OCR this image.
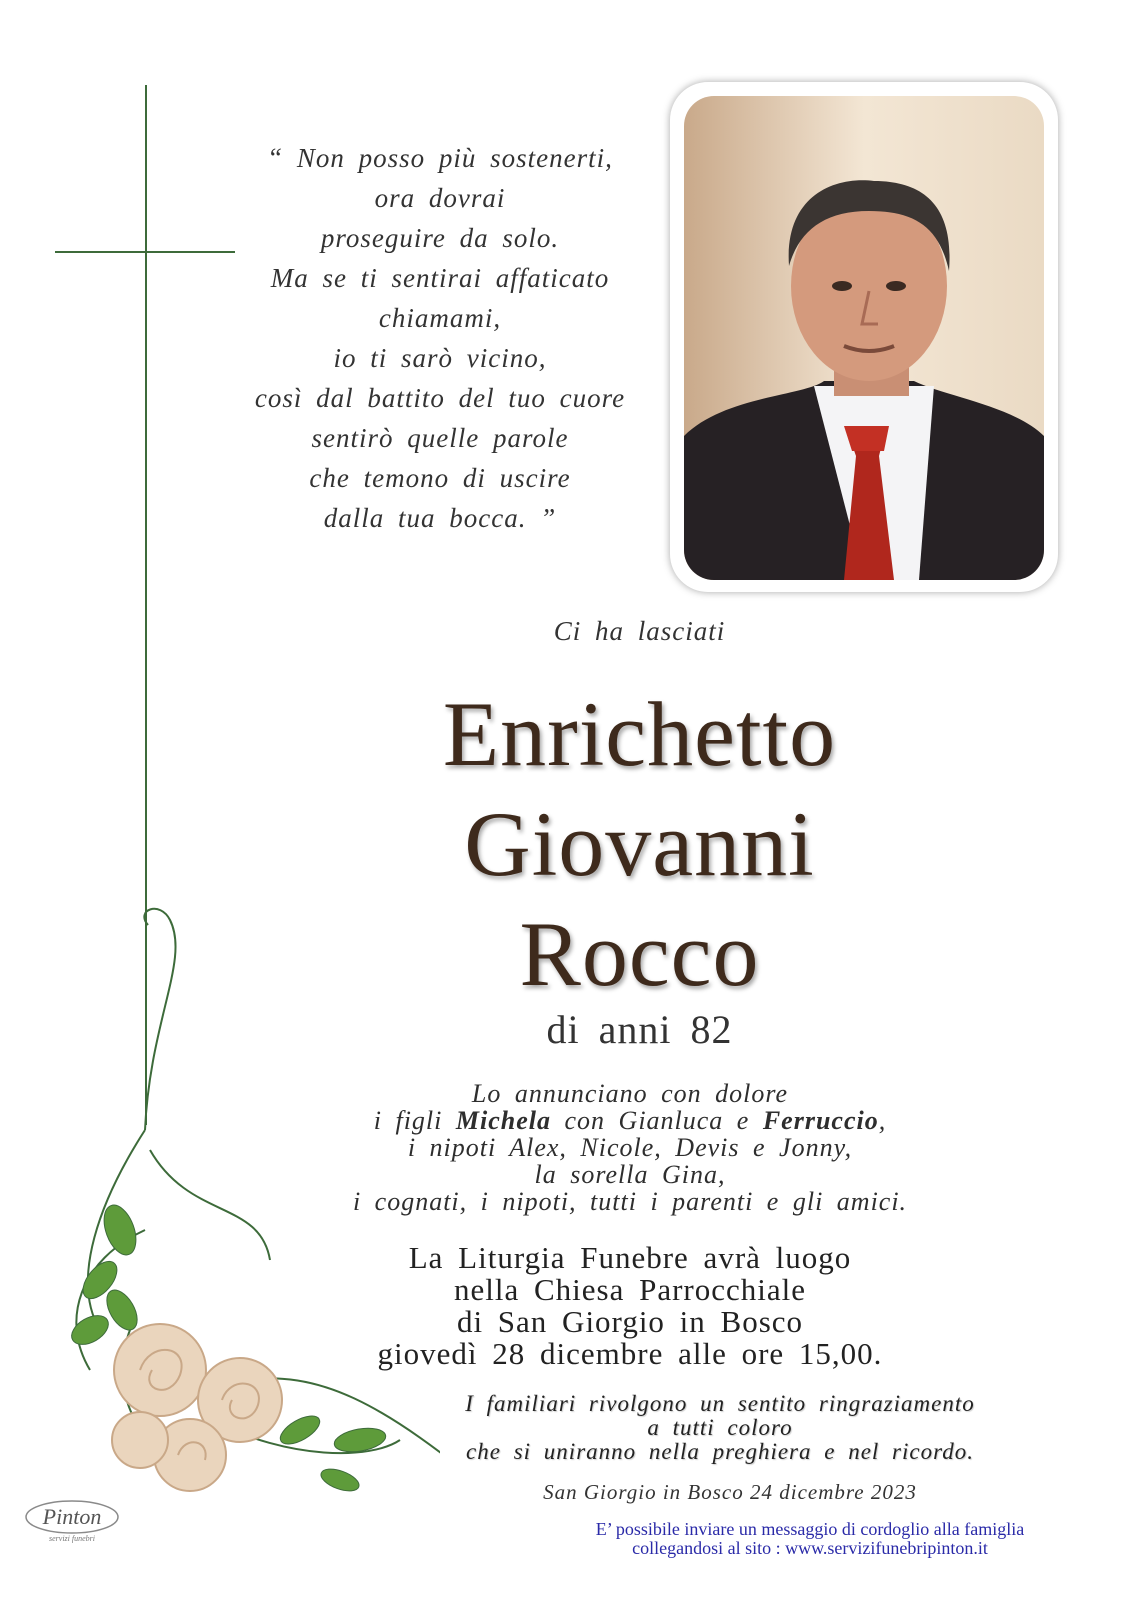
“ Non posso più sostenerti,
ora dovrai
proseguire da solo.
Ma se ti sentirai affaticato
chiamami,
io ti sarò vicino,
così dal battito del tuo cuore
sentirò quelle parole
che temono di uscire
dalla tua bocca. ”
Ci ha lasciati
Enrichetto
Giovanni
Rocco
di anni 82
Lo annunciano con dolore
i figli Michela con Gianluca e Ferruccio,
i nipoti Alex, Nicole, Devis e Jonny,
la sorella Gina,
i cognati, i nipoti, tutti i parenti e gli amici.
La Liturgia Funebre avrà luogo
nella Chiesa Parrocchiale
di San Giorgio in Bosco
giovedì 28 dicembre alle ore 15,00.
I familiari rivolgono un sentito ringraziamento
a tutti coloro
che si uniranno nella preghiera e nel ricordo.
San Giorgio in Bosco 24 dicembre 2023
E’ possibile inviare un messaggio di cordoglio alla famiglia
collegandosi al sito : www.servizifunebripinton.it
Pinton
servizi funebri
